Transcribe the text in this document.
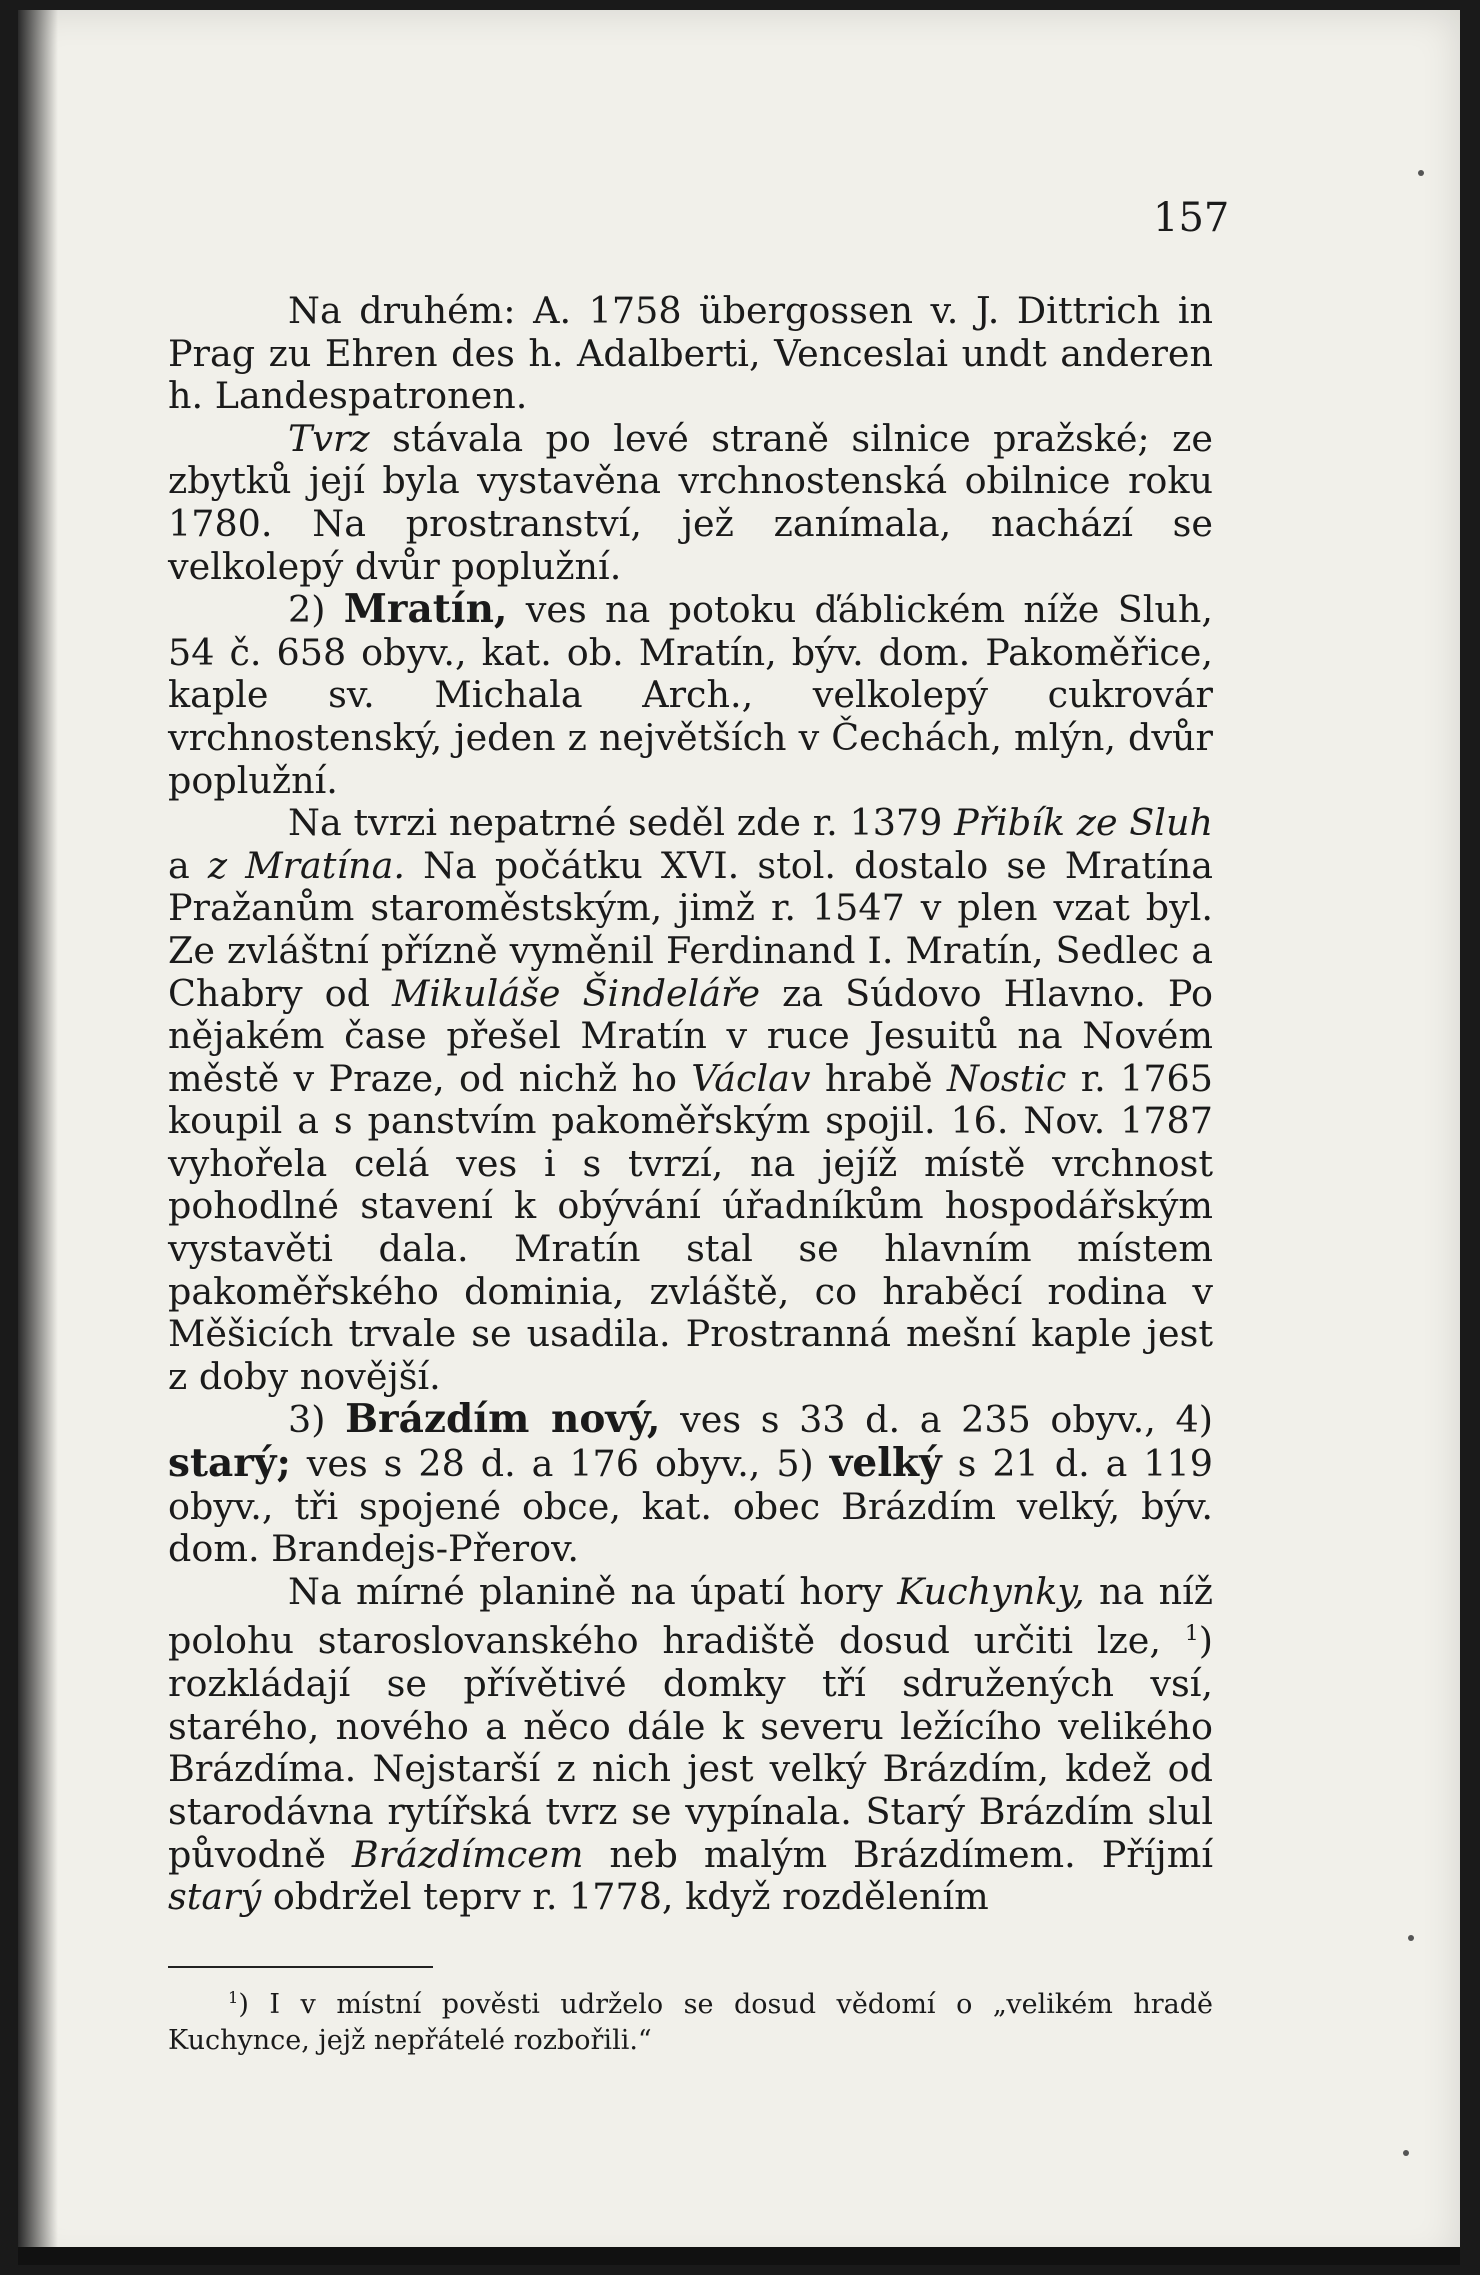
157

Na druhém: A. 1758 übergossen v. J. Dittrich in Prag zu Ehren des h. Adalberti, Venceslai undt anderen h. Landespatronen.

Tvrz stávala po levé straně silnice pražské; ze zbytků její byla vystavěna vrchnostenská obilnice roku 1780. Na prostranství, jež zanímala, nachází se velkolepý dvůr poplužní.

2) Mratín, ves na potoku ďáblickém níže Sluh, 54 č. 658 obyv., kat. ob. Mratín, býv. dom. Pakoměřice, kaple sv. Michala Arch., velkolepý cukrovár vrchnostenský, jeden z největších v Čechách, mlýn, dvůr poplužní.

Na tvrzi nepatrné seděl zde r. 1379 Přibík ze Sluh a z Mratína. Na počátku XVI. stol. dostalo se Mratína Pražanům staroměstským, jimž r. 1547 v plen vzat byl. Ze zvláštní přízně vyměnil Ferdinand I. Mratín, Sedlec a Chabry od Mikuláše Šindeláře za Súdovo Hlavno. Po nějakém čase přešel Mratín v ruce Jesuitů na Novém městě v Praze, od nichž ho Václav hrabě Nostic r. 1765 koupil a s panstvím pakoměřským spojil. 16. Nov. 1787 vyhořela celá ves i s tvrzí, na jejíž místě vrchnost pohodlné stavení k obývání úřadníkům hospodářským vystavěti dala. Mratín stal se hlavním místem pakoměřského dominia, zvláště, co hraběcí rodina v Měšicích trvale se usadila. Prostranná mešní kaple jest z doby novější.

3) Brázdím nový, ves s 33 d. a 235 obyv., 4) starý; ves s 28 d. a 176 obyv., 5) velký s 21 d. a 119 obyv., tři spojené obce, kat. obec Brázdím velký, býv. dom. Brandejs-Přerov.

Na mírné planině na úpatí hory Kuchynky, na níž polohu staroslovanského hradiště dosud určiti lze, $^1$) rozkládají se přívětivé domky tří sdružených vsí, starého, nového a něco dále k severu ležícího velikého Brázdíma. Nejstarší z nich jest velký Brázdím, kdež od starodávna rytířská tvrz se vypínala. Starý Brázdím slul původně Brázdímcem neb malým Brázdímem. Příjmí starý obdržel teprv r. 1778, když rozdělením

$^1$) I v místní pověsti udrželo se dosud vědomí o „velikém hradě Kuchynce, jejž nepřátelé rozbořili.“
